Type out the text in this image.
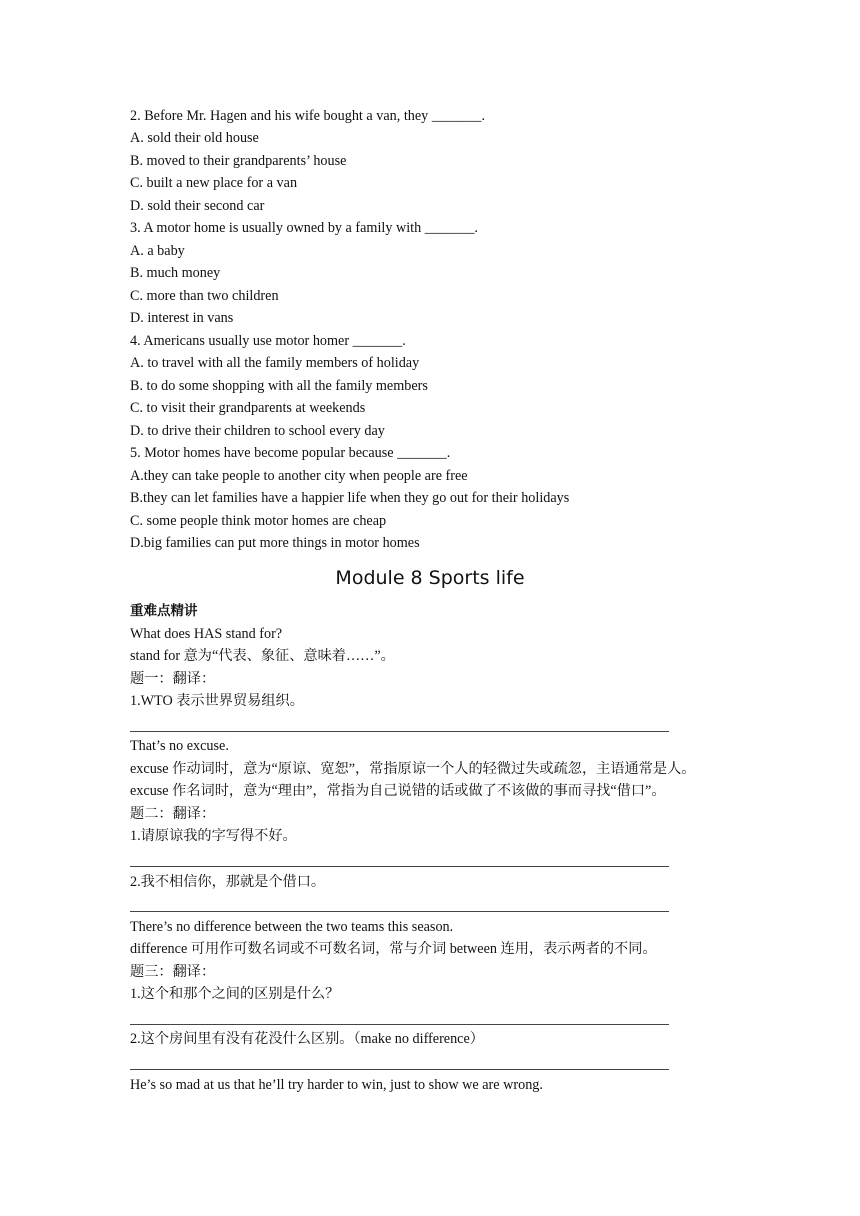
2. Before Mr. Hagen and his wife bought a van, they _______.
A. sold their old house
B. moved to their grandparents’ house
C. built a new place for a van
D. sold their second car
3. A motor home is usually owned by a family with _______.
A. a baby
B. much money
C. more than two children
D. interest in vans
4. Americans usually use motor homer _______.
A. to travel with all the family members of holiday
B. to do some shopping with all the family members
C. to visit their grandparents at weekends
D. to drive their children to school every day
5. Motor homes have become popular because _______.
A.they can take people to another city when people are free
B.they can let families have a happier life when they go out for their holidays
C. some people think motor homes are cheap
D.big families can put more things in motor homes
Module 8 Sports life
重难点精讲
What does HAS stand for?
stand for 意为“代表、象征、意味着……”。
题一：翻译：
1.WTO 表示世界贸易组织。
That’s no excuse.
excuse 作动词时，意为“原谅、宽恕”，常指原谅一个人的轻微过失或疏忽，主语通常是人。
excuse 作名词时，意为“理由”，常指为自己说错的话或做了不该做的事而寻找“借口”。
题二：翻译：
1.请原谅我的字写得不好。
2.我不相信你，那就是个借口。
There’s no difference between the two teams this season.
difference 可用作可数名词或不可数名词，常与介词 between 连用，表示两者的不同。
题三：翻译：
1.这个和那个之间的区别是什么？
2.这个房间里有没有花没什么区别。（make no difference）
He’s so mad at us that he’ll try harder to win, just to show we are wrong.
